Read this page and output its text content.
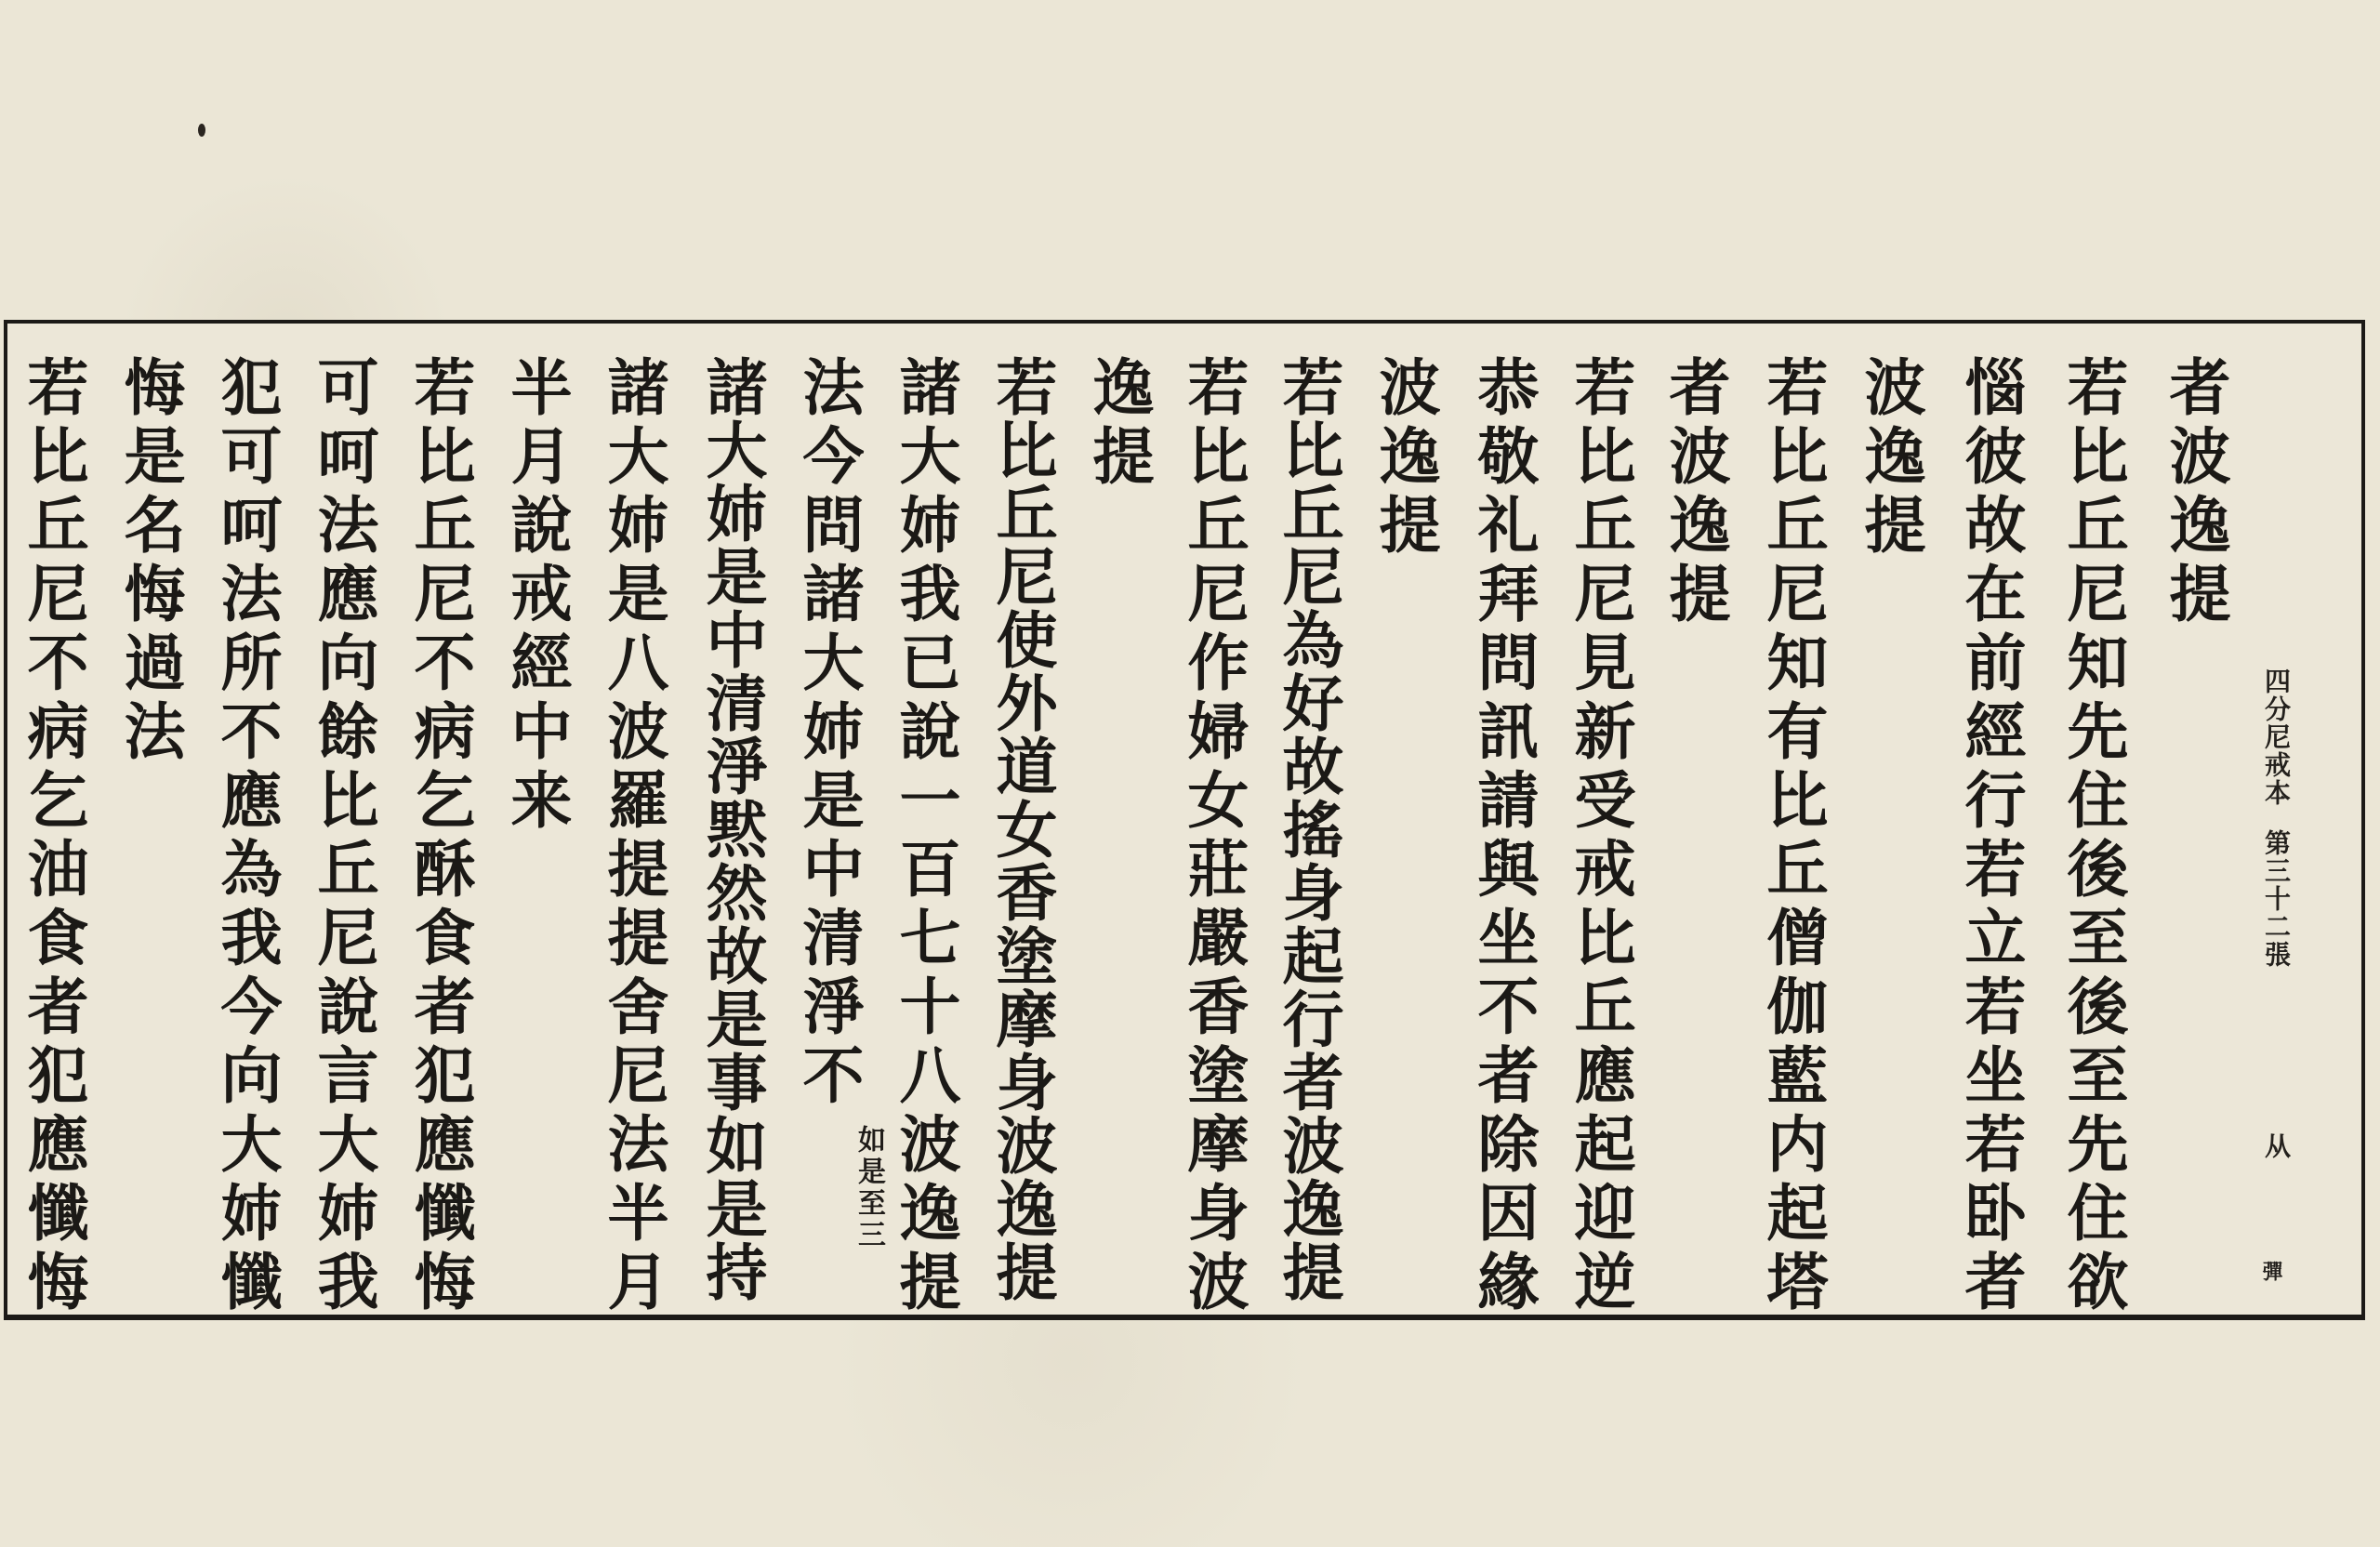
四分尼戒本
第三十二張
从
彈
者波逸提
若比丘尼知先住後至後至先住欲
惱彼故在前經行若立若坐若卧者
波逸提
若比丘尼知有比丘僧伽藍内起塔
者波逸提
若比丘尼見新受戒比丘應起迎逆
恭敬礼拜問訊請與坐不者除因緣
波逸提
若比丘尼為好故搖身起行者波逸提
若比丘尼作婦女莊嚴香塗摩身波
逸提
若比丘尼使外道女香塗摩身波逸提
諸大姉我已說一百七十八波逸提
法今問諸大姉是中清淨不
如是至三
諸大姉是中清淨黙然故是事如是持
諸大姉是八波羅提提舍尼法半月
半月說戒經中来
若比丘尼不病乞酥食者犯應懺悔
可呵法應向餘比丘尼說言大姉我
犯可呵法所不應為我今向大姉懺
悔是名悔過法
若比丘尼不病乞油食者犯應懺悔
